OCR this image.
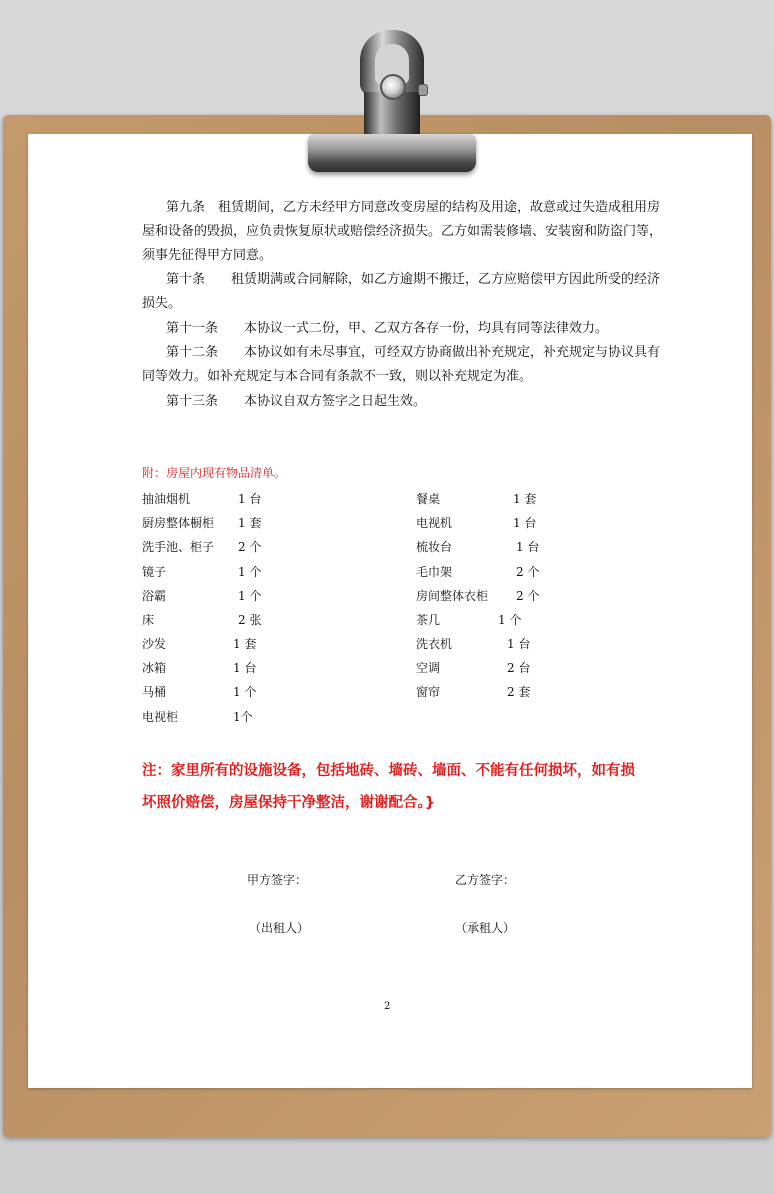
第九条　租赁期间，乙方未经甲方同意改变房屋的结构及用途，故意或过失造成租用房
屋和设备的毁损，应负责恢复原状或赔偿经济损失。乙方如需装修墙、安装窗和防盗门等，
须事先征得甲方同意。
第十条　　租赁期满或合同解除，如乙方逾期不搬迁，乙方应赔偿甲方因此所受的经济
损失。
第十一条　　本协议一式二份，甲、乙双方各存一份，均具有同等法律效力。
第十二条　　本协议如有未尽事宜，可经双方协商做出补充规定，补充规定与协议具有
同等效力。如补充规定与本合同有条款不一致，则以补充规定为准。
第十三条　　本协议自双方签字之日起生效。
附：房屋内现有物品清单。
抽油烟机	1 台
厨房整体橱柜 1 套
洗手池、柜子 2 个
镜子	1 个
浴霸	1 个
床	2 张
沙发	1 套
冰箱	1 台
马桶	1 个
电视柜	1个
餐桌	1 套
电视机	1 台
梳妆台	1 台
毛巾架	2 个
房间整体衣柜 2 个
茶几	1 个
洗衣机	1 台
空调	2 台
窗帘	2 套
注：家里所有的设施设备，包括地砖、墙砖、墙面、不能有任何损坏，如有损
坏照价赔偿，房屋保持干净整洁，谢谢配合。}
甲方签字：	乙方签字：
（出租人）	（承租人）
2
